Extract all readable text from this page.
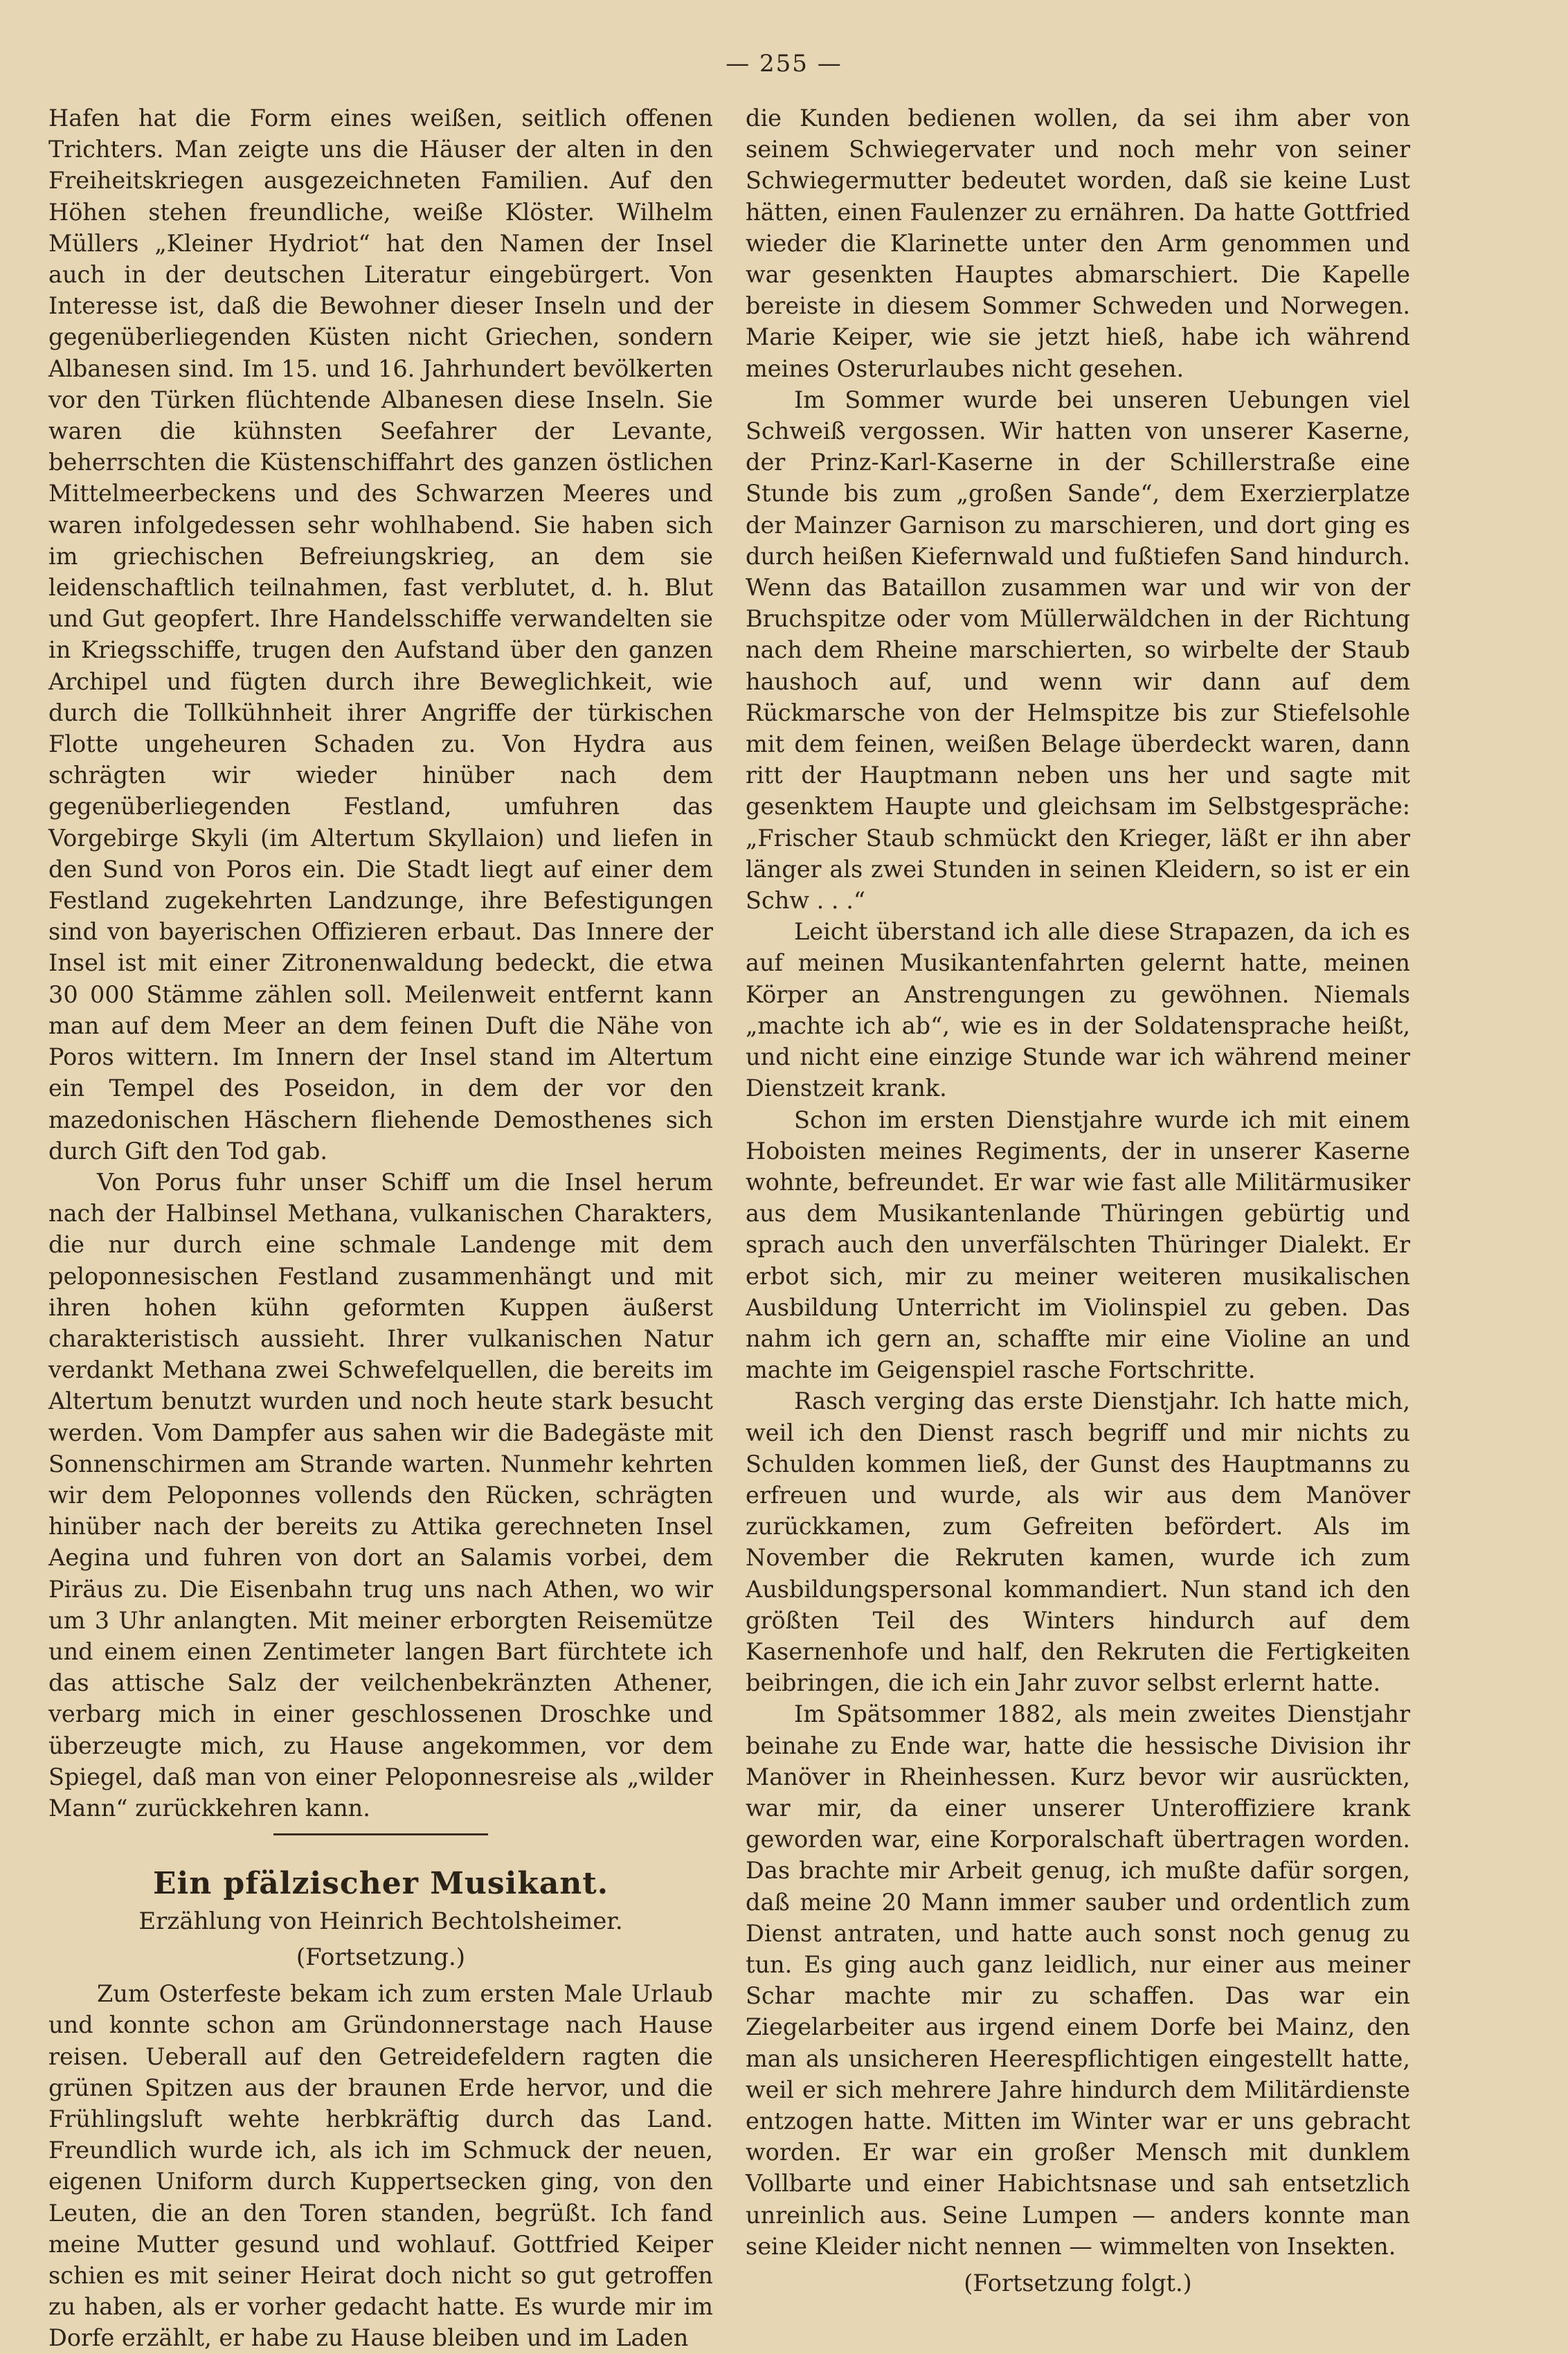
— 255 —

Hafen hat die Form eines weißen, seitlich offenen Trichters. Man zeigte uns die Häuser der alten in den Freiheitskriegen ausgezeichneten Familien. Auf den Höhen stehen freundliche, weiße Klöster. Wilhelm Müllers „Kleiner Hydriot“ hat den Namen der Insel auch in der deutschen Literatur eingebürgert. Von Interesse ist, daß die Bewohner dieser Inseln und der gegenüberliegenden Küsten nicht Griechen, sondern Albanesen sind. Im 15. und 16. Jahrhundert bevölkerten vor den Türken flüchtende Albanesen diese Inseln. Sie waren die kühnsten Seefahrer der Levante, beherrschten die Küstenschiffahrt des ganzen östlichen Mittelmeerbeckens und des Schwarzen Meeres und waren infolgedessen sehr wohlhabend. Sie haben sich im griechischen Befreiungskrieg, an dem sie leidenschaftlich teilnahmen, fast verblutet, d. h. Blut und Gut geopfert. Ihre Handelsschiffe verwandelten sie in Kriegsschiffe, trugen den Aufstand über den ganzen Archipel und fügten durch ihre Beweglichkeit, wie durch die Tollkühnheit ihrer Angriffe der türkischen Flotte ungeheuren Schaden zu. Von Hydra aus schrägten wir wieder hinüber nach dem gegenüberliegenden Festland, umfuhren das Vorgebirge Skyli (im Altertum Skyllaion) und liefen in den Sund von Poros ein. Die Stadt liegt auf einer dem Festland zugekehrten Landzunge, ihre Befestigungen sind von bayerischen Offizieren erbaut. Das Innere der Insel ist mit einer Zitronenwaldung bedeckt, die etwa 30 000 Stämme zählen soll. Meilenweit entfernt kann man auf dem Meer an dem feinen Duft die Nähe von Poros wittern. Im Innern der Insel stand im Altertum ein Tempel des Poseidon, in dem der vor den mazedonischen Häschern fliehende Demosthenes sich durch Gift den Tod gab.

Von Porus fuhr unser Schiff um die Insel herum nach der Halbinsel Methana, vulkanischen Charakters, die nur durch eine schmale Landenge mit dem peloponnesischen Festland zusammenhängt und mit ihren hohen kühn geformten Kuppen äußerst charakteristisch aussieht. Ihrer vulkanischen Natur verdankt Methana zwei Schwefelquellen, die bereits im Altertum benutzt wurden und noch heute stark besucht werden. Vom Dampfer aus sahen wir die Badegäste mit Sonnenschirmen am Strande warten. Nunmehr kehrten wir dem Peloponnes vollends den Rücken, schrägten hinüber nach der bereits zu Attika gerechneten Insel Aegina und fuhren von dort an Salamis vorbei, dem Piräus zu. Die Eisenbahn trug uns nach Athen, wo wir um 3 Uhr anlangten. Mit meiner erborgten Reisemütze und einem einen Zentimeter langen Bart fürchtete ich das attische Salz der veilchenbekränzten Athener, verbarg mich in einer geschlossenen Droschke und überzeugte mich, zu Hause angekommen, vor dem Spiegel, daß man von einer Peloponnesreise als „wilder Mann“ zurückkehren kann.

Ein pfälzischer Musikant.
Erzählung von Heinrich Bechtolsheimer.
(Fortsetzung.)

Zum Osterfeste bekam ich zum ersten Male Urlaub und konnte schon am Gründonnerstage nach Hause reisen. Ueberall auf den Getreidefeldern ragten die grünen Spitzen aus der braunen Erde hervor, und die Frühlingsluft wehte herbkräftig durch das Land. Freundlich wurde ich, als ich im Schmuck der neuen, eigenen Uniform durch Kuppertsecken ging, von den Leuten, die an den Toren standen, begrüßt. Ich fand meine Mutter gesund und wohlauf. Gottfried Keiper schien es mit seiner Heirat doch nicht so gut getroffen zu haben, als er vorher gedacht hatte. Es wurde mir im Dorfe erzählt, er habe zu Hause bleiben und im Laden

die Kunden bedienen wollen, da sei ihm aber von seinem Schwiegervater und noch mehr von seiner Schwiegermutter bedeutet worden, daß sie keine Lust hätten, einen Faulenzer zu ernähren. Da hatte Gottfried wieder die Klarinette unter den Arm genommen und war gesenkten Hauptes abmarschiert. Die Kapelle bereiste in diesem Sommer Schweden und Norwegen. Marie Keiper, wie sie jetzt hieß, habe ich während meines Osterurlaubes nicht gesehen.

Im Sommer wurde bei unseren Uebungen viel Schweiß vergossen. Wir hatten von unserer Kaserne, der Prinz-Karl-Kaserne in der Schillerstraße eine Stunde bis zum „großen Sande“, dem Exerzierplatze der Mainzer Garnison zu marschieren, und dort ging es durch heißen Kiefernwald und fußtiefen Sand hindurch. Wenn das Bataillon zusammen war und wir von der Bruchspitze oder vom Müllerwäldchen in der Richtung nach dem Rheine marschierten, so wirbelte der Staub haushoch auf, und wenn wir dann auf dem Rückmarsche von der Helmspitze bis zur Stiefelsohle mit dem feinen, weißen Belage überdeckt waren, dann ritt der Hauptmann neben uns her und sagte mit gesenktem Haupte und gleichsam im Selbstgespräche: „Frischer Staub schmückt den Krieger, läßt er ihn aber länger als zwei Stunden in seinen Kleidern, so ist er ein Schw . . .“

Leicht überstand ich alle diese Strapazen, da ich es auf meinen Musikantenfahrten gelernt hatte, meinen Körper an Anstrengungen zu gewöhnen. Niemals „machte ich ab“, wie es in der Soldatensprache heißt, und nicht eine einzige Stunde war ich während meiner Dienstzeit krank.

Schon im ersten Dienstjahre wurde ich mit einem Hoboisten meines Regiments, der in unserer Kaserne wohnte, befreundet. Er war wie fast alle Militärmusiker aus dem Musikantenlande Thüringen gebürtig und sprach auch den unverfälschten Thüringer Dialekt. Er erbot sich, mir zu meiner weiteren musikalischen Ausbildung Unterricht im Violinspiel zu geben. Das nahm ich gern an, schaffte mir eine Violine an und machte im Geigenspiel rasche Fortschritte.

Rasch verging das erste Dienstjahr. Ich hatte mich, weil ich den Dienst rasch begriff und mir nichts zu Schulden kommen ließ, der Gunst des Hauptmanns zu erfreuen und wurde, als wir aus dem Manöver zurückkamen, zum Gefreiten befördert. Als im November die Rekruten kamen, wurde ich zum Ausbildungspersonal kommandiert. Nun stand ich den größten Teil des Winters hindurch auf dem Kasernenhofe und half, den Rekruten die Fertigkeiten beibringen, die ich ein Jahr zuvor selbst erlernt hatte.

Im Spätsommer 1882, als mein zweites Dienstjahr beinahe zu Ende war, hatte die hessische Division ihr Manöver in Rheinhessen. Kurz bevor wir ausrückten, war mir, da einer unserer Unteroffiziere krank geworden war, eine Korporalschaft übertragen worden. Das brachte mir Arbeit genug, ich mußte dafür sorgen, daß meine 20 Mann immer sauber und ordentlich zum Dienst antraten, und hatte auch sonst noch genug zu tun. Es ging auch ganz leidlich, nur einer aus meiner Schar machte mir zu schaffen. Das war ein Ziegelarbeiter aus irgend einem Dorfe bei Mainz, den man als unsicheren Heerespflichtigen eingestellt hatte, weil er sich mehrere Jahre hindurch dem Militärdienste entzogen hatte. Mitten im Winter war er uns gebracht worden. Er war ein großer Mensch mit dunklem Vollbarte und einer Habichtsnase und sah entsetzlich unreinlich aus. Seine Lumpen — anders konnte man seine Kleider nicht nennen — wimmelten von Insekten.

(Fortsetzung folgt.)
